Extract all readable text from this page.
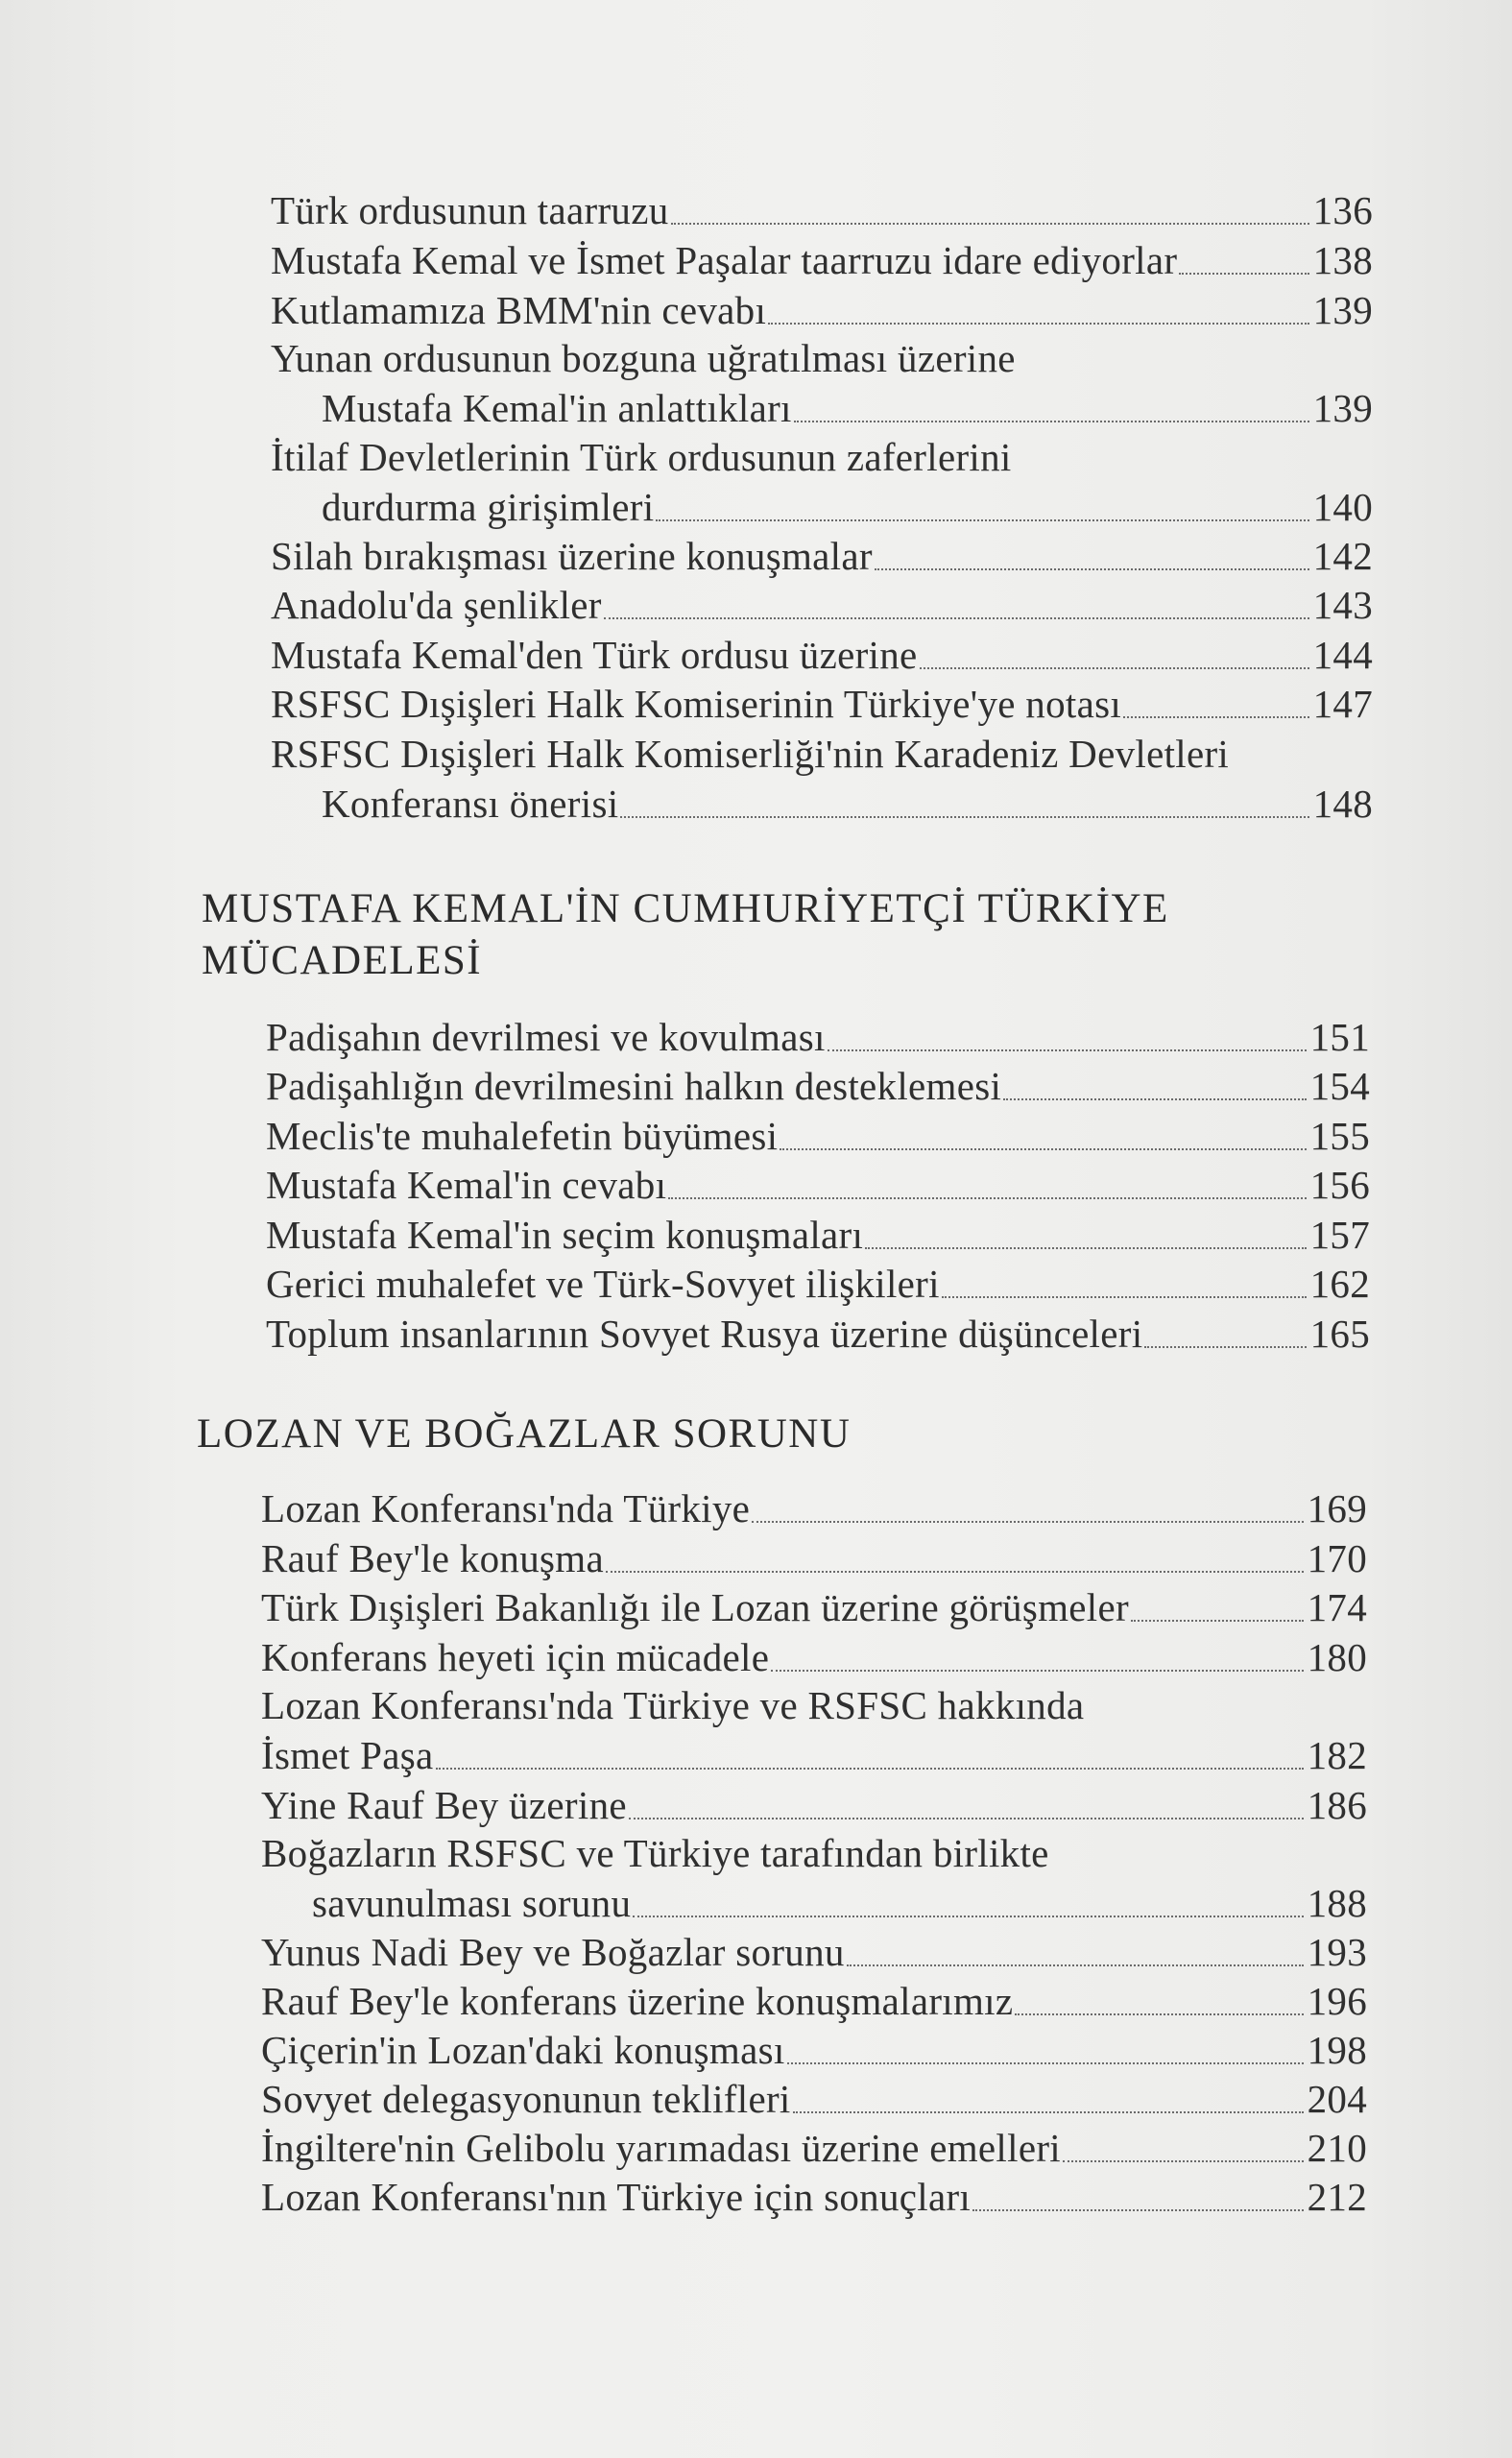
Türk ordusunun taarruzu	136
Mustafa Kemal ve İsmet Paşalar taarruzu idare ediyorlar	138
Kutlamamıza BMM'nin cevabı	139
Yunan ordusunun bozguna uğratılması üzerine
Mustafa Kemal'in anlattıkları	139
İtilaf Devletlerinin Türk ordusunun zaferlerini
durdurma girişimleri	140
Silah bırakışması üzerine konuşmalar	142
Anadolu'da şenlikler	143
Mustafa Kemal'den Türk ordusu üzerine	144
RSFSC Dışişleri Halk Komiserinin Türkiye'ye notası	147
RSFSC Dışişleri Halk Komiserliği'nin Karadeniz Devletleri
Konferansı önerisi	148
MUSTAFA KEMAL'İN CUMHURİYETÇİ TÜRKİYE
MÜCADELESİ
Padişahın devrilmesi ve kovulması	151
Padişahlığın devrilmesini halkın desteklemesi	154
Meclis'te muhalefetin büyümesi	155
Mustafa Kemal'in cevabı	156
Mustafa Kemal'in seçim konuşmaları	157
Gerici muhalefet ve Türk-Sovyet ilişkileri	162
Toplum insanlarının Sovyet Rusya üzerine düşünceleri	165
LOZAN VE BOĞAZLAR SORUNU
Lozan Konferansı'nda Türkiye	169
Rauf Bey'le konuşma	170
Türk Dışişleri Bakanlığı ile Lozan üzerine görüşmeler	174
Konferans heyeti için mücadele	180
Lozan Konferansı'nda Türkiye ve RSFSC hakkında
İsmet Paşa	182
Yine Rauf Bey üzerine	186
Boğazların RSFSC ve Türkiye tarafından birlikte
savunulması sorunu	188
Yunus Nadi Bey ve Boğazlar sorunu	193
Rauf Bey'le konferans üzerine konuşmalarımız	196
Çiçerin'in Lozan'daki konuşması	198
Sovyet delegasyonunun teklifleri	204
İngiltere'nin Gelibolu yarımadası üzerine emelleri	210
Lozan Konferansı'nın Türkiye için sonuçları	212
